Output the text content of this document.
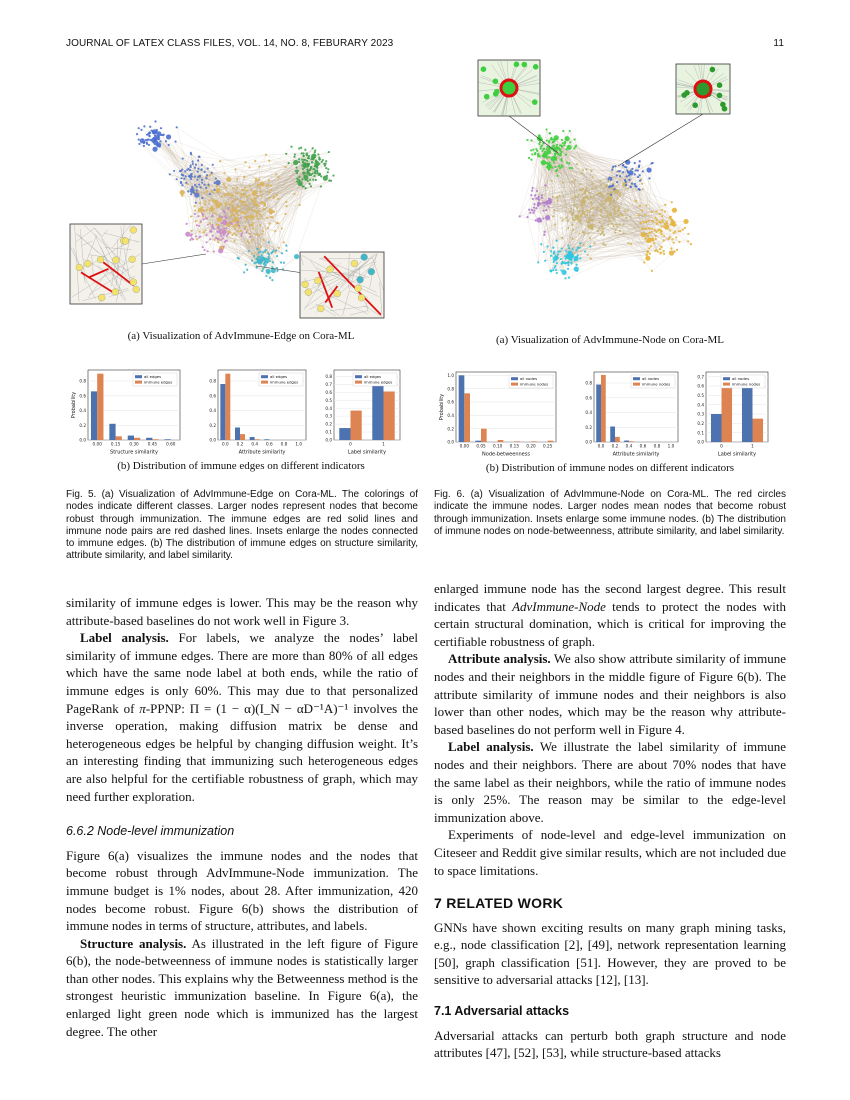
JOURNAL OF LATEX CLASS FILES, VOL. 14, NO. 8, FEBURARY 2023	11
(a) Visualization of AdvImmune-Edge on Cora-ML	(a) Visualization of AdvImmune-Node on Cora-ML
0.0
0.2
0.4
0.6
0.8
0.00 0.15 0.30 0.45 0.60
Structure similarity
Probability
all edges
immune edges
0.0
0.2
0.4
0.6
0.8
0.0 0.2 0.4 0.6 0.8 1.0
Attribute similarity
all edges
immune edges
0.0
0.1
0.2
0.3
0.4
0.5
0.6
0.7
0.8
0	1
Label similarity
all edges
immune edges
0.0
0.2
0.4
0.6
0.8
1.0
0.00 0.05 0.10 0.15 0.20 0.25
Node-betweenness
Probability
all nodes
immune nodes
0.0
0.2
0.4
0.6
0.8
0.0 0.2 0.4 0.6 0.8 1.0
Attribute similarity
all nodes
immune nodes
0.0
0.1
0.2
0.3
0.4
0.5
0.6
0.7
0	1
Label similarity
all nodes
immune nodes
(b) Distribution of immune edges on different indicators	(b) Distribution of immune nodes on different indicators
Fig. 5. (a) Visualization of AdvImmune-Edge on Cora-ML. The colorings of nodes indicate different classes. Larger nodes represent nodes that become robust through immunization. The immune edges are red solid lines and immune node pairs are red dashed lines. Insets enlarge the nodes connected to immune edges. (b) The distribution of immune edges on structure similarity, attribute similarity, and label similarity.
Fig. 6. (a) Visualization of AdvImmune-Node on Cora-ML. The red circles indicate the immune nodes. Larger nodes mean nodes that become robust through immunization. Insets enlarge some immune nodes. (b) The distribution of immune nodes on node-betweenness, attribute similarity, and label similarity.

similarity of immune edges is lower. This may be the reason why attribute-based baselines do not work well in Figure 3.

Label analysis. For labels, we analyze the nodes’ label similarity of immune edges. There are more than 80% of all edges which have the same node label at both ends, while the ratio of immune edges is only 60%. This may due to that personalized PageRank of π-PPNP: Π = (1 − α)(I_N − αD⁻¹A)⁻¹ involves the inverse operation, making diffusion matrix be dense and heterogeneous edges be helpful by changing diffusion weight. It’s an interesting finding that immunizing such heterogeneous edges are also helpful for the certifiable robustness of graph, which may need further exploration.

6.6.2 Node-level immunization

Figure 6(a) visualizes the immune nodes and the nodes that become robust through AdvImmune-Node immunization. The immune budget is 1% nodes, about 28. After immunization, 420 nodes become robust. Figure 6(b) shows the distribution of immune nodes in terms of structure, attributes, and labels.

Structure analysis. As illustrated in the left figure of Figure 6(b), the node-betweenness of immune nodes is statistically larger than other nodes. This explains why the Betweenness method is the strongest heuristic immunization baseline. In Figure 6(a), the enlarged light green node which is immunized has the largest degree. The other

enlarged immune node has the second largest degree. This result indicates that AdvImmune-Node tends to protect the nodes with certain structural domination, which is critical for improving the certifiable robustness of graph.

Attribute analysis. We also show attribute similarity of immune nodes and their neighbors in the middle figure of Figure 6(b). The attribute similarity of immune nodes and their neighbors is also lower than other nodes, which may be the reason why attribute-based baselines do not perform well in Figure 4.

Label analysis. We illustrate the label similarity of immune nodes and their neighbors. There are about 70% nodes that have the same label as their neighbors, while the ratio of immune nodes is only 25%. The reason may be similar to the edge-level immunization above.

Experiments of node-level and edge-level immunization on Citeseer and Reddit give similar results, which are not included due to space limitations.

7 RELATED WORK

GNNs have shown exciting results on many graph mining tasks, e.g., node classification [2], [49], network representation learning [50], graph classification [51]. However, they are proved to be sensitive to adversarial attacks [12], [13].

7.1 Adversarial attacks

Adversarial attacks can perturb both graph structure and node attributes [47], [52], [53], while structure-based attacks
